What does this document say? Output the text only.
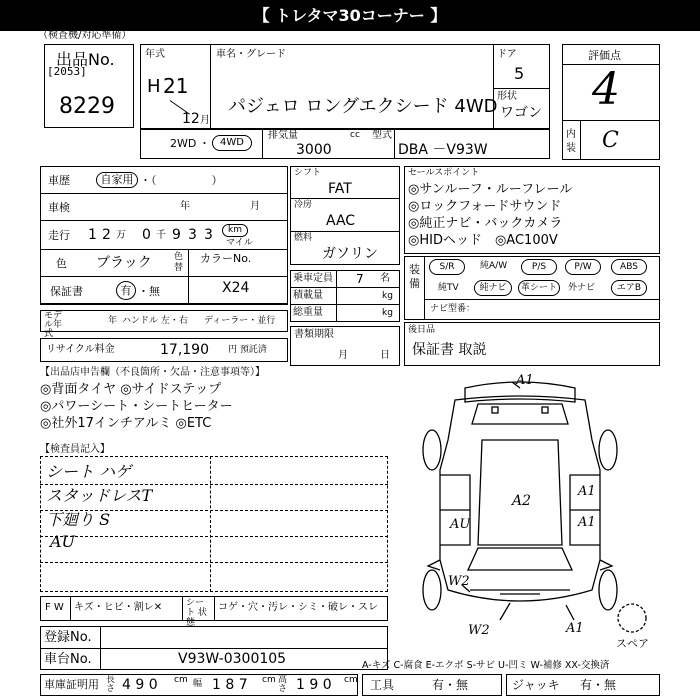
【 トレタマ30コーナー 】
（検査機/対応準備）
出品No.
[2053]
8229
年式
H 21
12 月
車名・グレード
パジェロ ロングエクシード 4WD
ドア
5
形状
ワゴン
評価点
4
内装 C
2WD ・	4WD
排気量	cc
3000
型式
DBA －V93W
車歴	自家用 ・（　　　　　）
車検	年	月
走行 1 2 万 0 千 9 3 3	km
マイル
色 ブラック 色替
カラーNo.
X24
保証書	有 ・無
モデル年式
年 ハンドル 左・右 ディーラー・並行
シフト
FAT
冷房
AAC
燃料
ガソリン
乗車定員 7 名
積載量	kg
総重量	kg
書類期限
月	日
セールスポイント
◎サンルーフ・ルーフレール
◎ロックフォードサウンド
◎純正ナビ・バックカメラ
◎HIDヘッド　◎AC100V
装備
S/R	純A/W	P/S	P/W	ABS
純TV	純ナビ	革シート	外ナビ	エアB
ナビ型番：
リサイクル料金	17,190 円 預託済
後日品
保証書 取説
【出品店申告欄（不良箇所・欠品・注意事項等）】
◎背面タイヤ ◎サイドステップ
◎パワーシート・シートヒーター
◎社外17インチアルミ ◎ETC
【検査員記入】
シート ハゲ
スタッドレスT
下廻り S
AU
F W キズ・ヒビ・割レ✕	シート 状態
コゲ・穴・汚レ・シミ・破レ・スレ
登録No.
車台No.	V93W-0300105	A-キズ C-腐食 E-エクボ S-サビ U-凹ミ W-補修 XX-交換済
車庫証明用 長さ 4 9 0 cm 幅 1 8 7 cm 高さ 1 9 0 cm 工具	有・無	ジャッキ 有・無
A1
A2
A1
A1
AU
W2
W2	A1
スペア
